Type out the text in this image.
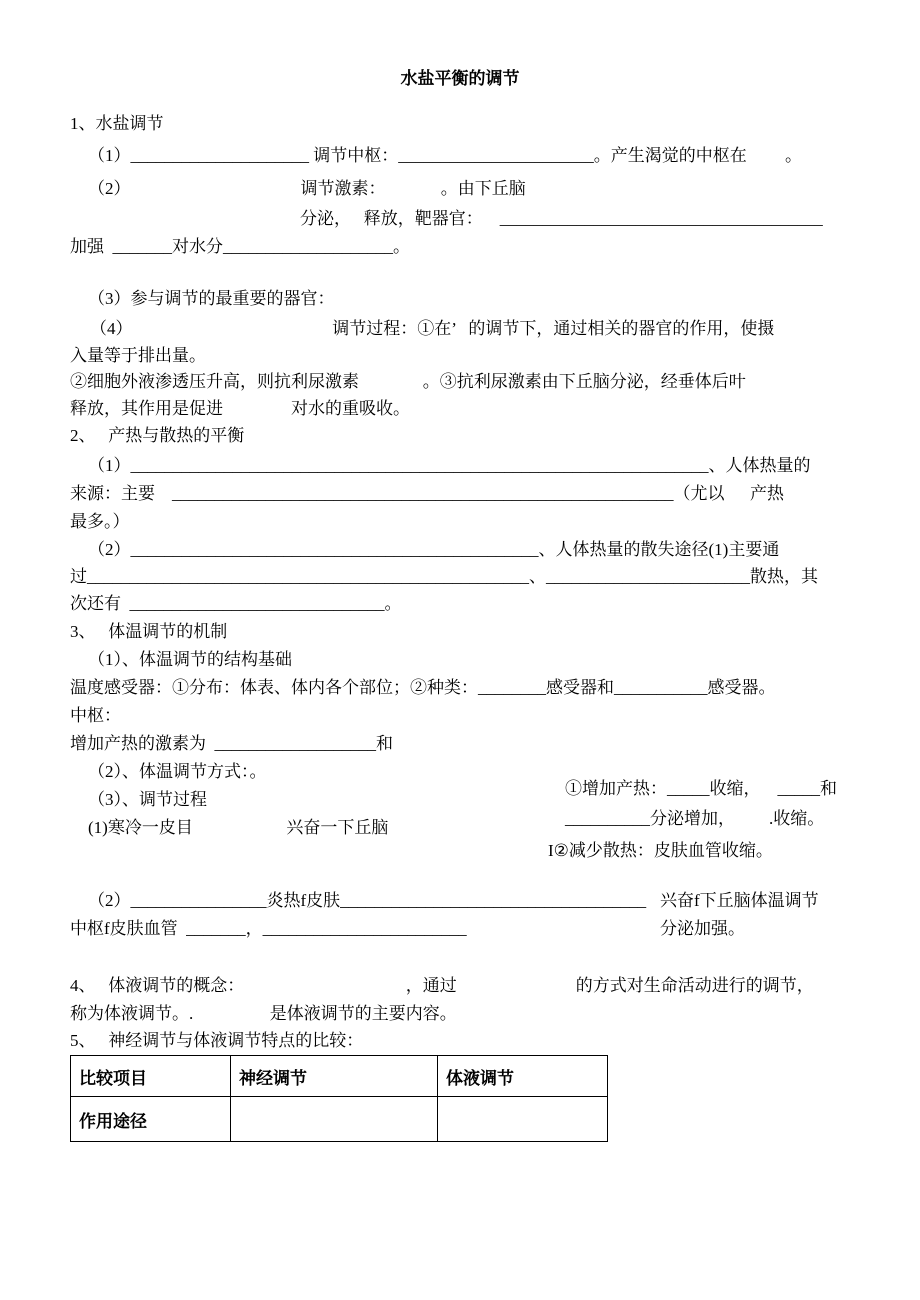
水盐平衡的调节
1、水盐调节
（1）_____________________ 调节中枢：_______________________。产生渴觉的中枢在         。
（2）                                        调节激素：             。由下丘脑
分泌，   释放，靶器官：    ______________________________________
加强  _______对水分____________________。
（3）参与调节的最重要的器官：
（4）                                               调节过程：①在’   的调节下，通过相关的器官的作用，使摄
入量等于排出量。
②细胞外液渗透压升高，则抗利尿激素               。③抗利尿激素由下丘脑分泌，经垂体后叶
释放，其作用是促进                对水的重吸收。
2、   产热与散热的平衡
（1）____________________________________________________________________、人体热量的
来源：主要    ___________________________________________________________（尤以      产热
最多。）
（2）________________________________________________、人体热量的散失途径(1)主要通
过____________________________________________________、________________________散热，其
次还有  ______________________________。
3、   体温调节的机制
（1）、体温调节的结构基础
温度感受器：①分布：体表、体内各个部位；②种类：________感受器和___________感受器。
中枢：
增加产热的激素为  ___________________和
（2）、体温调节方式：。
（3）、调节过程
(1)寒冷一皮目                      兴奋一下丘脑
①增加产热：_____收缩，    _____和
__________分泌增加，        .收缩。
I②减少散热：皮肤血管收缩。
（2）________________炎热f皮肤____________________________________ 兴奋f下丘脑体温调节
中枢f皮肤血管  _______，________________________	分泌加强。
4、   体液调节的概念：                                      ，通过                            的方式对生命活动进行的调节，
称为体液调节。.                  是体液调节的主要内容。
5、   神经调节与体液调节特点的比较：
比较项目	神经调节	体液调节
作用途径		
